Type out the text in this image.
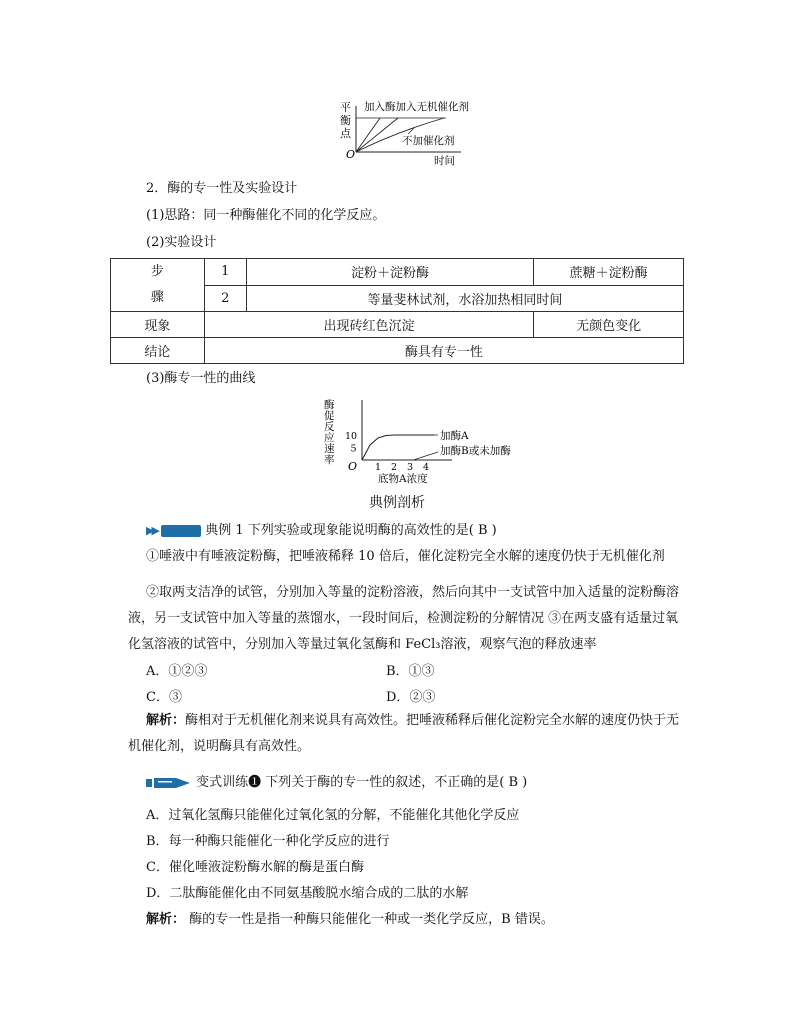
平
衡
点
O
加入酶加入无机催化剂
不加催化剂
时间
2．酶的专一性及实验设计
(1)思路：同一种酶催化不同的化学反应。
(2)实验设计
步
骤	1	淀粉＋淀粉酶	蔗糖＋淀粉酶
	2	等量斐林试剂，水浴加热相同时间	
现象	出现砖红色沉淀		无颜色变化
结论	酶具有专一性		
(3)酶专一性的曲线
酶
促
反
应
速
率
1 2 3 4
5
10	加酶A
加酶B或未加酶
O
底物A浓度
典例剖析
▶▶	典例 1 下列实验或现象能说明酶的高效性的是( B )
①唾液中有唾液淀粉酶，把唾液稀释 10 倍后，催化淀粉完全水解的速度仍快于无机催化剂
②取两支洁净的试管，分别加入等量的淀粉溶液，然后向其中一支试管中加入适量的淀粉酶溶液，另一支试管中加入等量的蒸馏水，一段时间后，检测淀粉的分解情况 ③在两支盛有适量过氧化氢溶液的试管中，分别加入等量过氧化氢酶和 FeCl₃溶液，观察气泡的释放速率
A．①②③	B．①③
C．③	D．②③
解析：酶相对于无机催化剂来说具有高效性。把唾液稀释后催化淀粉完全水解的速度仍快于无机催化剂，说明酶具有高效性。
变式训练❶ 下列关于酶的专一性的叙述，不正确的是( B )
A．过氧化氢酶只能催化过氧化氢的分解，不能催化其他化学反应
B．每一种酶只能催化一种化学反应的进行
C．催化唾液淀粉酶水解的酶是蛋白酶
D．二肽酶能催化由不同氨基酸脱水缩合成的二肽的水解
解析： 酶的专一性是指一种酶只能催化一种或一类化学反应，B 错误。
